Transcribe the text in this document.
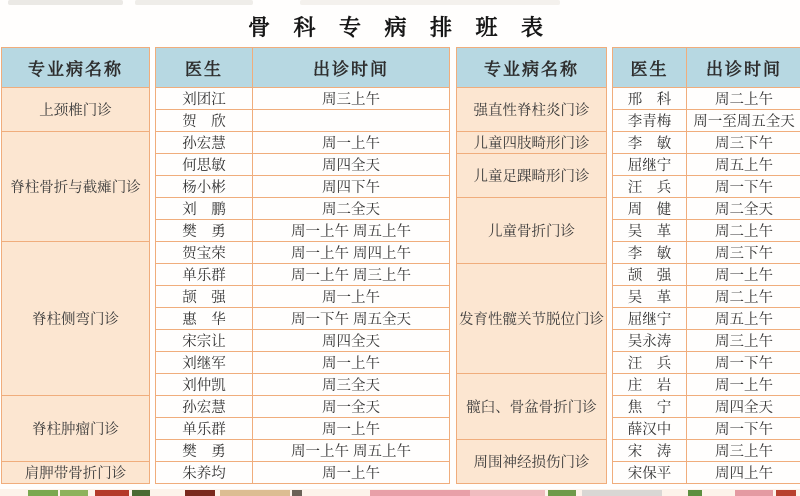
骨 科 专 病 排 班 表
专业病名称		医生	出诊时间
上颈椎门诊		刘团江	周三上午
		贺　欣	
脊柱骨折与截瘫门诊		孙宏慧	周一上午
		何思敏	周四全天
		杨小彬	周四下午
		刘　鹏	周二全天
		樊　勇	周一上午 周五上午
脊柱侧弯门诊		贺宝荣	周一上午 周四上午
		单乐群	周一上午 周三上午
		颉　强	周一上午
		惠　华	周一下午 周五全天
		宋宗让	周四全天
		刘继军	周一上午
		刘仲凯	周三全天
脊柱肿瘤门诊		孙宏慧	周一全天
		单乐群	周一上午
		樊　勇	周一上午 周五上午
肩胛带骨折门诊		朱养均	周一上午
专业病名称		医生	出诊时间
强直性脊柱炎门诊		邢　科	周二上午
		李青梅	周一至周五全天
儿童四肢畸形门诊		李　敏	周三下午
儿童足踝畸形门诊		屈继宁	周五上午
		汪　兵	周一下午
儿童骨折门诊		周　健	周二全天
		吴　革	周二上午
		李　敏	周三下午
发育性髋关节脱位门诊		颉　强	周一上午
		吴　革	周二上午
		屈继宁	周五上午
		吴永涛	周三上午
		汪　兵	周一下午
髋臼、骨盆骨折门诊		庄　岩	周一上午
		焦　宁	周四全天
		薛汉中	周一下午
周围神经损伤门诊		宋　涛	周三上午
		宋保平	周四上午
